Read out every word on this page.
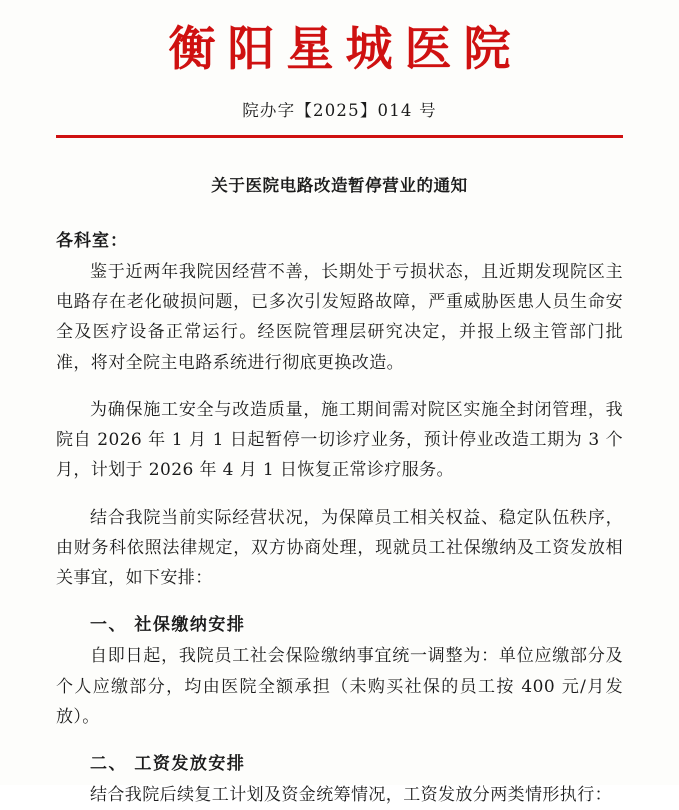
衡阳星城医院
院办字【2025】014 号
关于医院电路改造暂停营业的通知
各科室：

鉴于近两年我院因经营不善，长期处于亏损状态，且近期发现院区主电路存在老化破损问题，已多次引发短路故障，严重威胁医患人员生命安全及医疗设备正常运行。经医院管理层研究决定，并报上级主管部门批准，将对全院主电路系统进行彻底更换改造。

为确保施工安全与改造质量，施工期间需对院区实施全封闭管理，我院自 2026 年 1 月 1 日起暂停一切诊疗业务，预计停业改造工期为 3 个月，计划于 2026 年 4 月 1 日恢复正常诊疗服务。

结合我院当前实际经营状况，为保障员工相关权益、稳定队伍秩序，由财务科依照法律规定，双方协商处理，现就员工社保缴纳及工资发放相关事宜，如下安排：

一、 社保缴纳安排

自即日起，我院员工社会保险缴纳事宜统一调整为：单位应缴部分及个人应缴部分，均由医院全额承担（未购买社保的员工按 400 元/月发放）。

二、 工资发放安排

结合我院后续复工计划及资金统筹情况，工资发放分两类情形执行：
